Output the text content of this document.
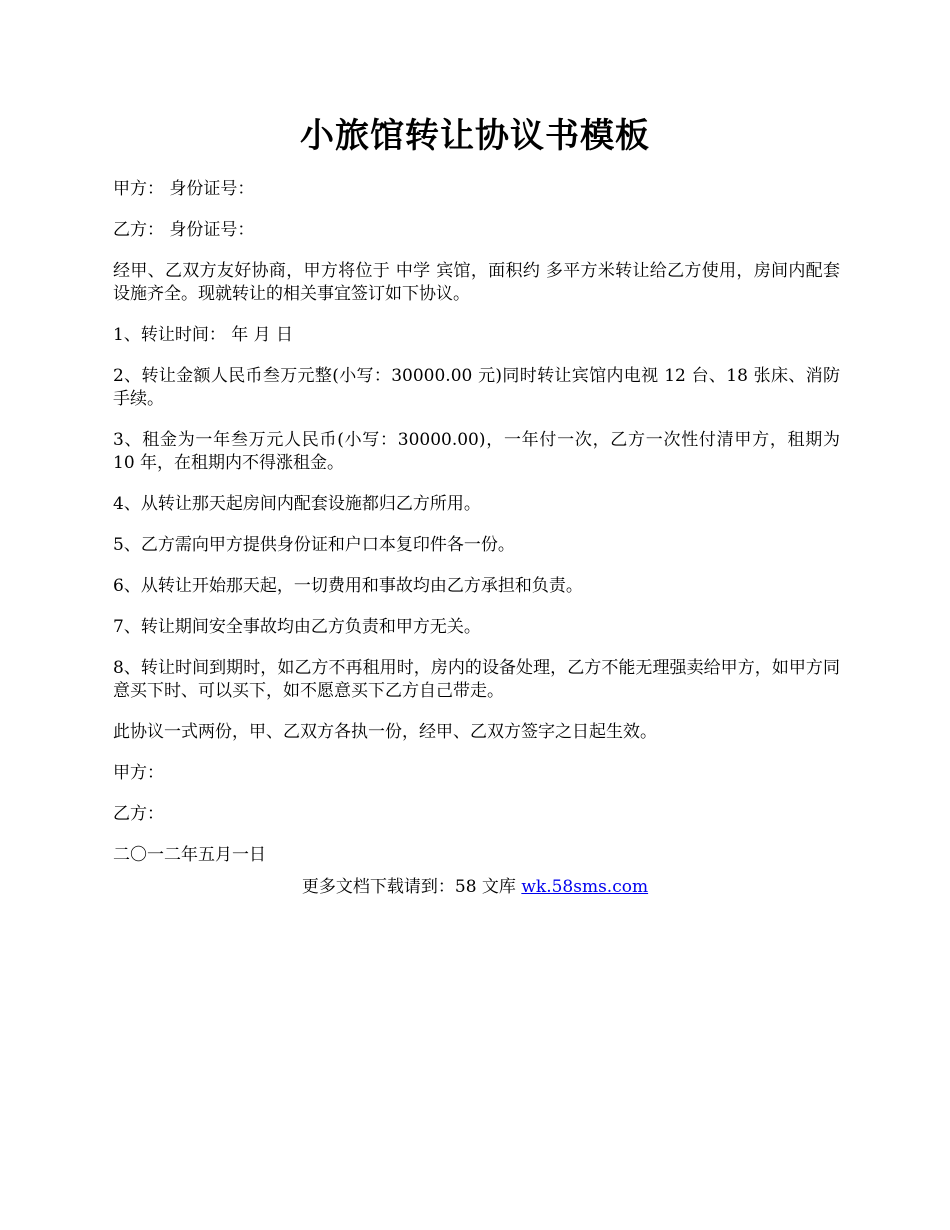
小旅馆转让协议书模板

甲方： 身份证号：

乙方： 身份证号：

经甲、乙双方友好协商，甲方将位于 中学 宾馆，面积约 多平方米转让给乙方使用，房间内配套设施齐全。现就转让的相关事宜签订如下协议。

1、转让时间： 年 月 日

2、转让金额人民币叁万元整(小写：30000.00 元)同时转让宾馆内电视 12 台、18 张床、消防手续。

3、租金为一年叁万元人民币(小写：30000.00)，一年付一次，乙方一次性付清甲方，租期为 10 年，在租期内不得涨租金。

4、从转让那天起房间内配套设施都归乙方所用。

5、乙方需向甲方提供身份证和户口本复印件各一份。

6、从转让开始那天起，一切费用和事故均由乙方承担和负责。

7、转让期间安全事故均由乙方负责和甲方无关。

8、转让时间到期时，如乙方不再租用时，房内的设备处理，乙方不能无理强卖给甲方，如甲方同意买下时、可以买下，如不愿意买下乙方自己带走。

此协议一式两份，甲、乙双方各执一份，经甲、乙双方签字之日起生效。

甲方：

乙方：

二〇一二年五月一日

更多文档下载请到：58 文库 wk.58sms.com
